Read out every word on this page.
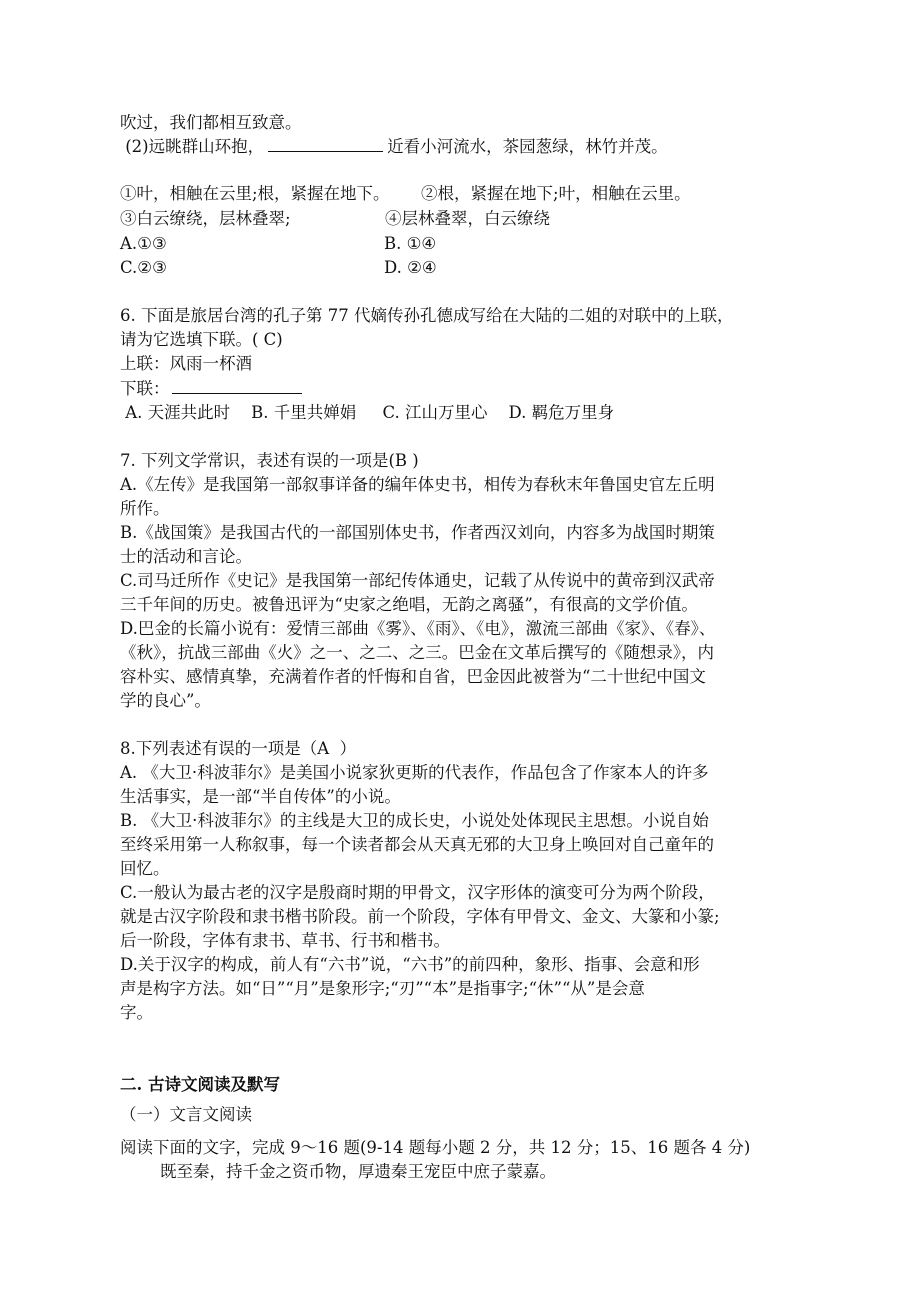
吹过，我们都相互致意。
(2)远眺群山环抱，	近看小河流水，茶园葱绿，林竹并茂。
①叶，相触在云里;根，紧握在地下。      ②根，紧握在地下;叶，相触在云里。
③白云缭绕，层林叠翠;                  ④层林叠翠，白云缭绕
A.①③	B. ①④
C.②③	D. ②④
6. 下面是旅居台湾的孔子第 77 代嫡传孙孔德成写给在大陆的二姐的对联中的上联，
请为它选填下联。( C)
上联：风雨一杯酒
下联：
A. 天涯共此时    B. 千里共婵娟     C. 江山万里心    D. 羁危万里身
7. 下列文学常识，表述有误的一项是(B )
A.《左传》是我国第一部叙事详备的编年体史书，相传为春秋末年鲁国史官左丘明
所作。
B.《战国策》是我国古代的一部国别体史书，作者西汉刘向，内容多为战国时期策
士的活动和言论。
C.司马迁所作《史记》是我国第一部纪传体通史，记载了从传说中的黄帝到汉武帝
三千年间的历史。被鲁迅评为“史家之绝唱，无韵之离骚”，有很高的文学价值。
D.巴金的长篇小说有：爱情三部曲《雾》、《雨》、《电》，激流三部曲《家》、《春》、
《秋》，抗战三部曲《火》之一、之二、之三。巴金在文革后撰写的《随想录》，内
容朴实、感情真挚，充满着作者的忏悔和自省，巴金因此被誉为“二十世纪中国文
学的良心”。
8.下列表述有误的一项是（A  ）
A. 《大卫·科波菲尔》是美国小说家狄更斯的代表作，作品包含了作家本人的许多
生活事实，是一部“半自传体”的小说。
B. 《大卫·科波菲尔》的主线是大卫的成长史，小说处处体现民主思想。小说自始
至终采用第一人称叙事，每一个读者都会从天真无邪的大卫身上唤回对自己童年的
回忆。
C.一般认为最古老的汉字是殷商时期的甲骨文，汉字形体的演变可分为两个阶段，
就是古汉字阶段和隶书楷书阶段。前一个阶段，字体有甲骨文、金文、大篆和小篆;
后一阶段，字体有隶书、草书、行书和楷书。
D.关于汉字的构成，前人有“六书”说，“六书”的前四种，象形、指事、会意和形
声是构字方法。如“日”“月”是象形字;“刃”“本”是指事字;“休”“从”是会意
字。
二. 古诗文阅读及默写
（一）文言文阅读
阅读下面的文字，完成 9～16 题(9-14 题每小题 2 分，共 12 分；15、16 题各 4 分)
既至秦，持千金之资币物，厚遗秦王宠臣中庶子蒙嘉。
